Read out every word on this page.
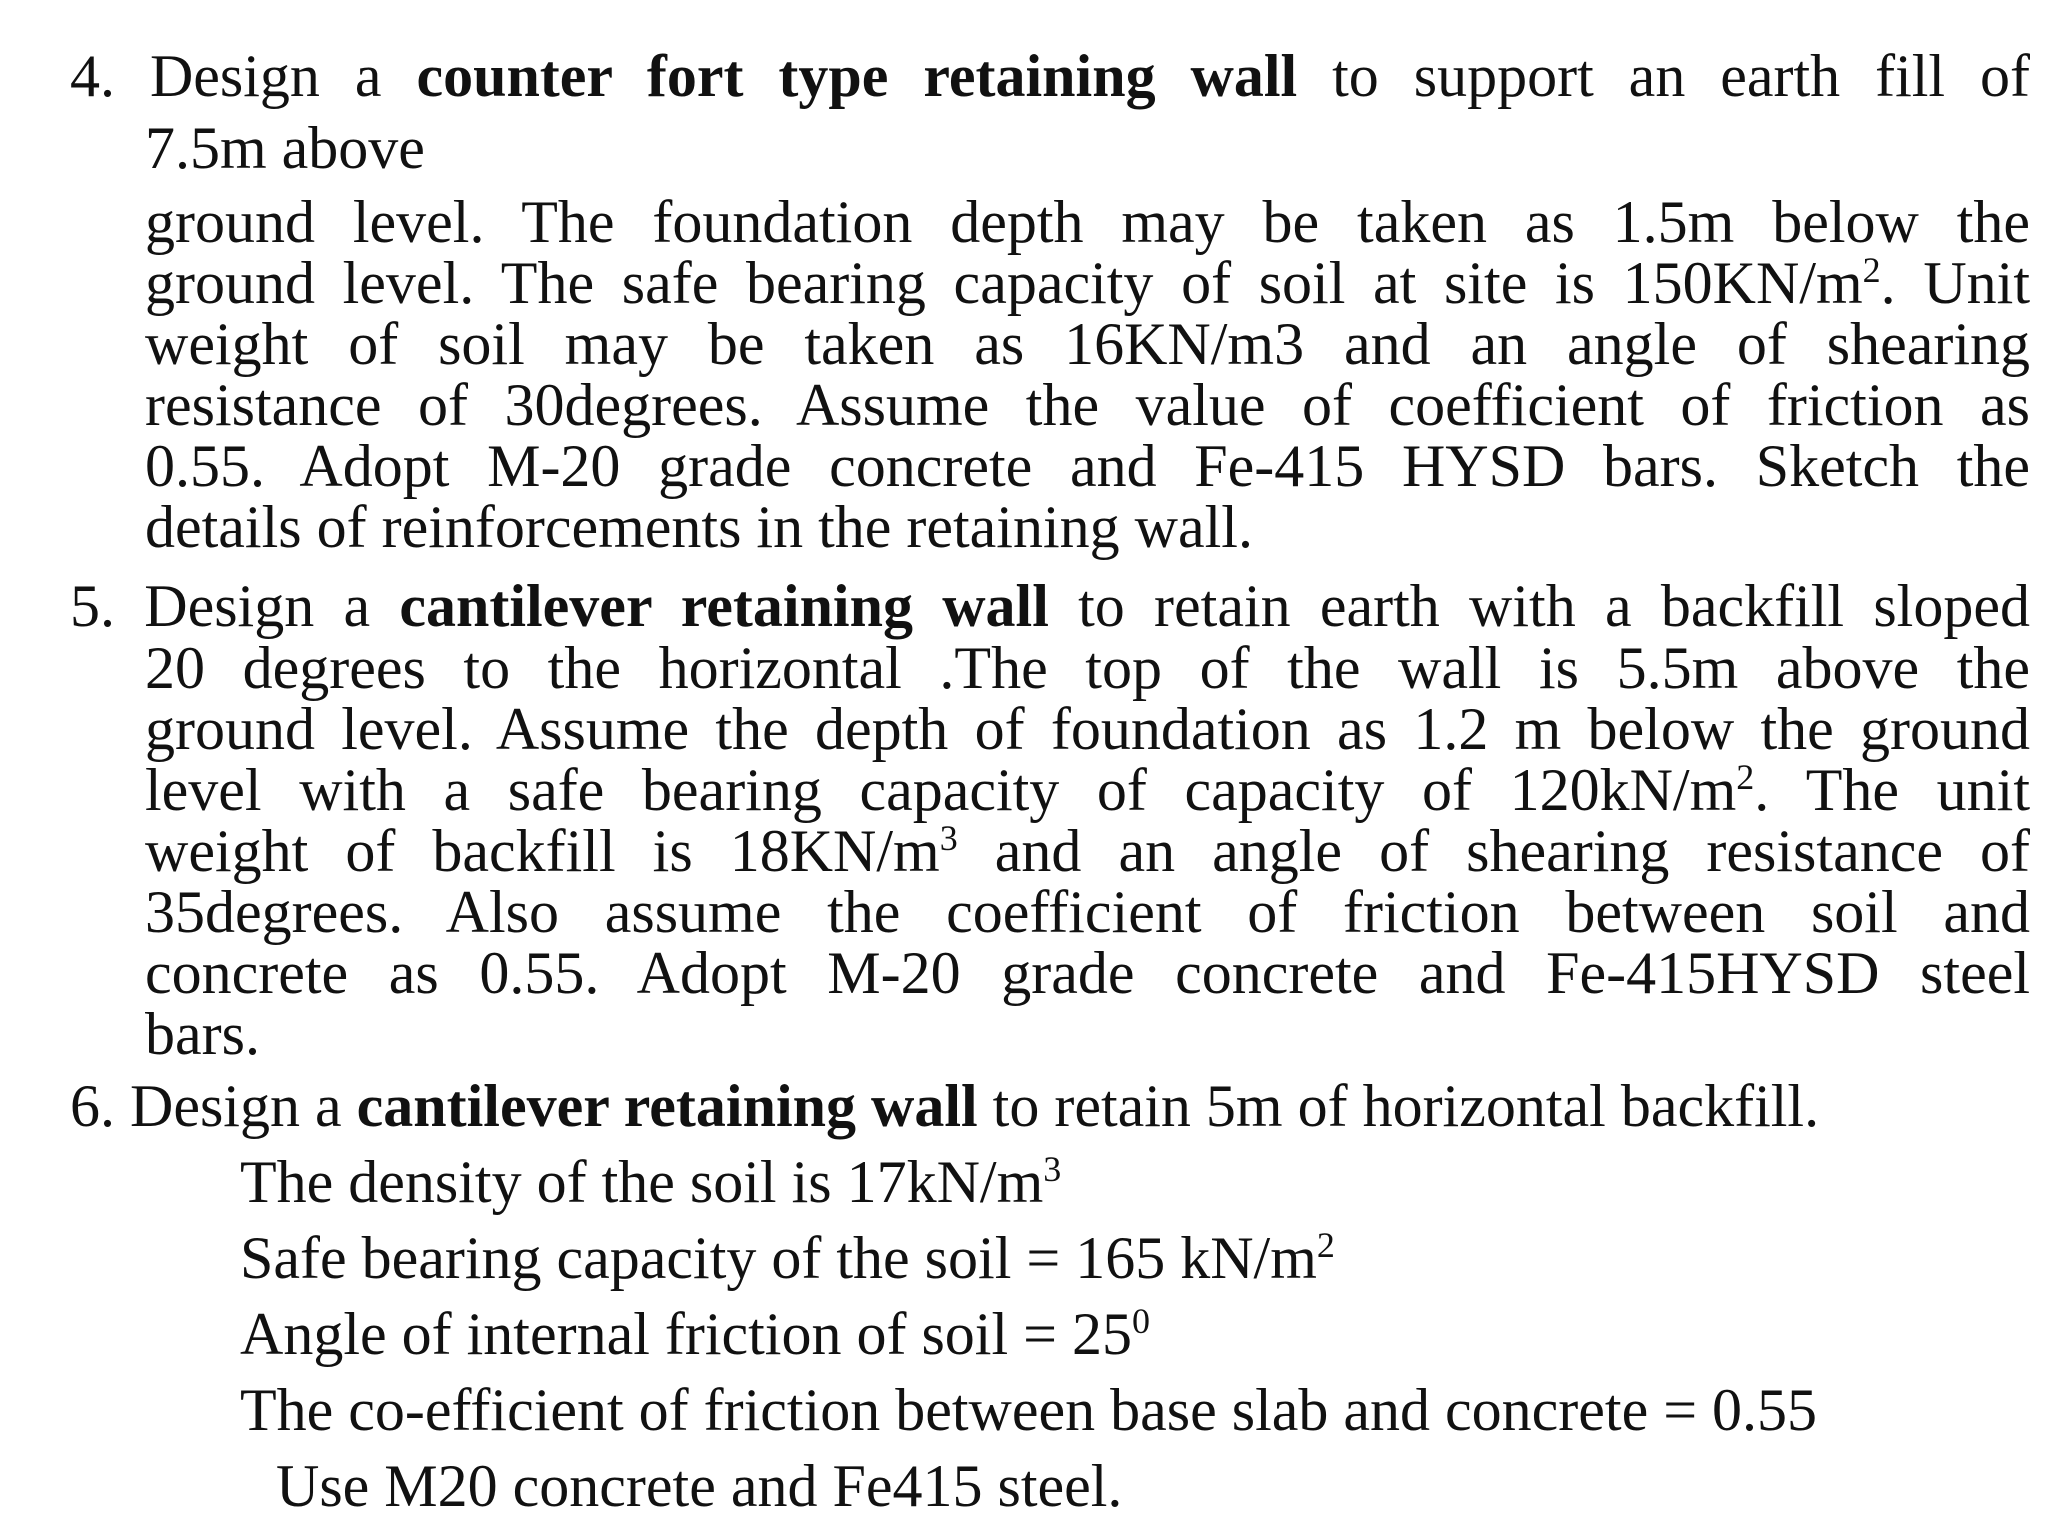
4. Design a counter fort type retaining wall to support an earth fill of
7.5m above
ground level. The foundation depth may be taken as 1.5m below the
ground level. The safe bearing capacity of soil at site is $150KN/m^2$. Unit
weight of soil may be taken as 16KN/m3 and an angle of shearing
resistance of 30degrees. Assume the value of coefficient of friction as
0.55. Adopt M-20 grade concrete and Fe-415 HYSD bars. Sketch the
details of reinforcements in the retaining wall.
5. Design a cantilever retaining wall to retain earth with a backfill sloped
20 degrees to the horizontal .The top of the wall is 5.5m above the
ground level. Assume the depth of foundation as 1.2 m below the ground
level with a safe bearing capacity of capacity of $120kN/m^2$. The unit
weight of backfill is $18KN/m^3$ and an angle of shearing resistance of
35degrees. Also assume the coefficient of friction between soil and
concrete as 0.55. Adopt M-20 grade concrete and Fe-415HYSD steel
bars.
6. Design a cantilever retaining wall to retain 5m of horizontal backfill.
The density of the soil is $17kN/m^3$
Safe bearing capacity of the soil = 165 $kN/m^2$
Angle of internal friction of soil = $25^0$
The co-efficient of friction between base slab and concrete = 0.55
Use M20 concrete and Fe415 steel.
